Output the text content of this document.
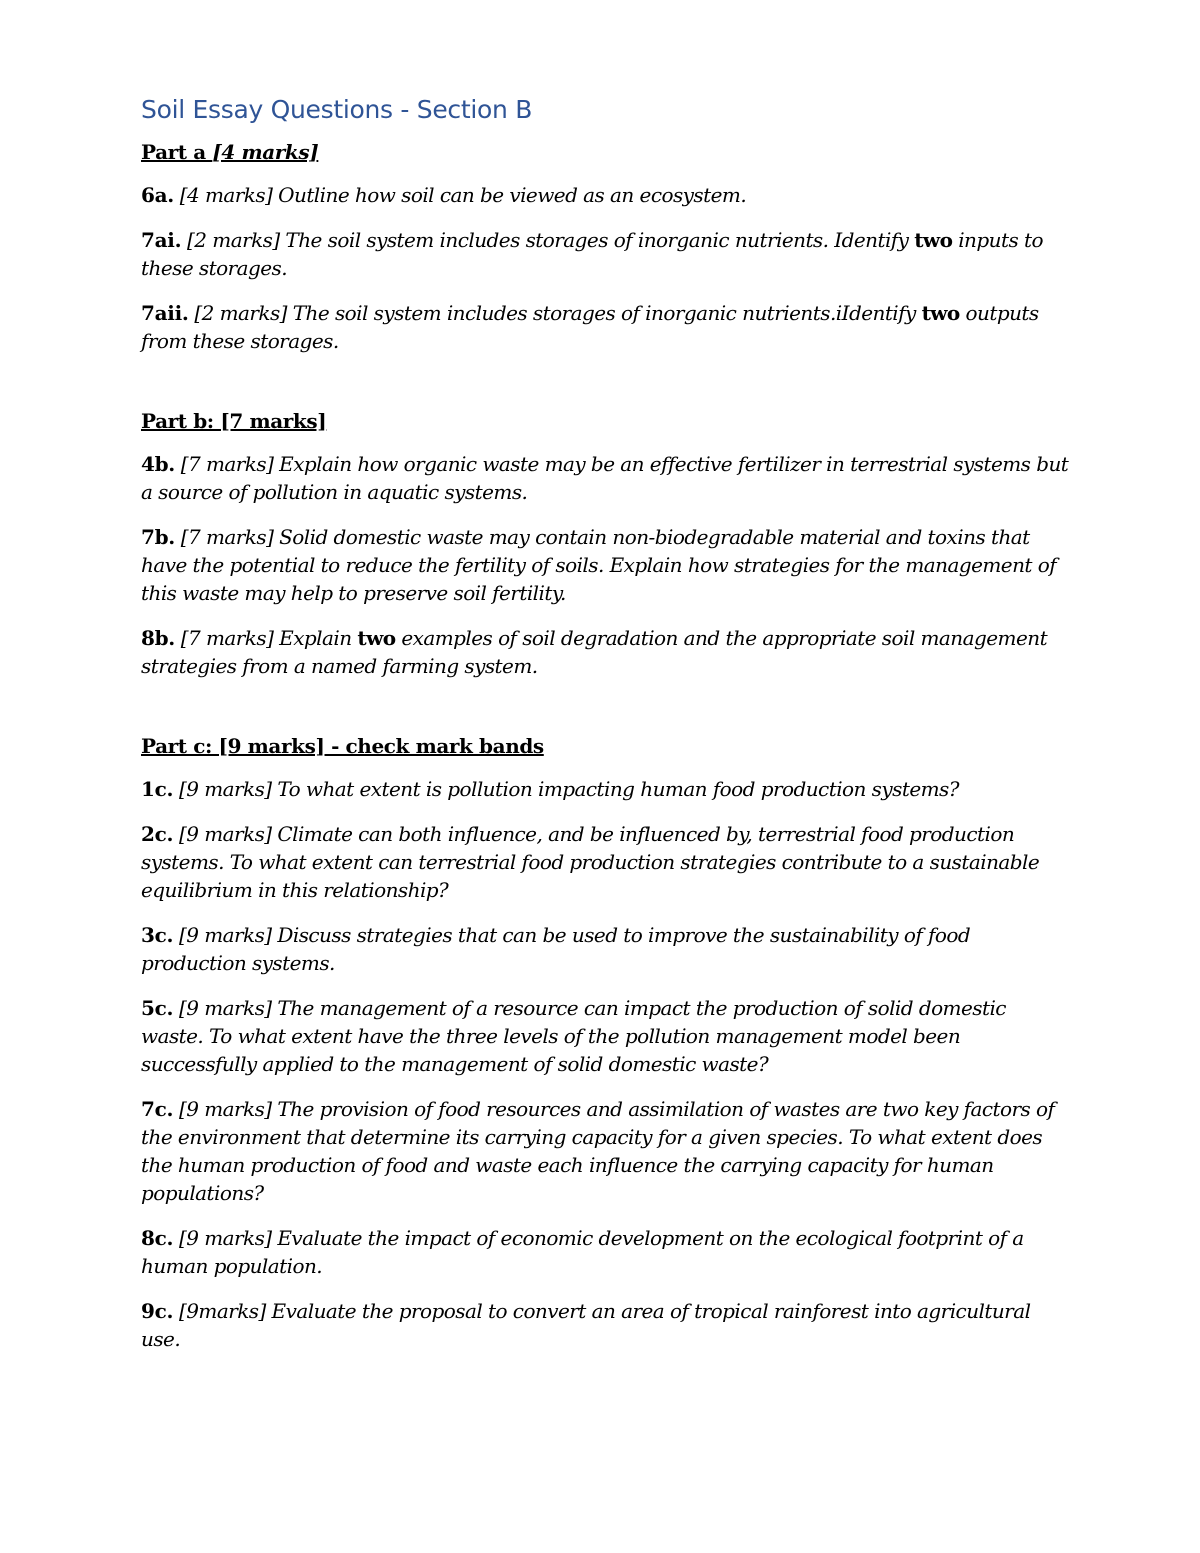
Soil Essay Questions - Section B

Part a [4 marks]

6a. [4 marks] Outline how soil can be viewed as an ecosystem.

7ai. [2 marks] The soil system includes storages of inorganic nutrients. Identify two inputs to these storages.

7aii. [2 marks] The soil system includes storages of inorganic nutrients.iIdentify two outputs from these storages.

Part b: [7 marks]

4b. [7 marks] Explain how organic waste may be an effective fertilizer in terrestrial systems but a source of pollution in aquatic systems.

7b. [7 marks] Solid domestic waste may contain non-biodegradable material and toxins that have the potential to reduce the fertility of soils. Explain how strategies for the management of this waste may help to preserve soil fertility.

8b. [7 marks] Explain two examples of soil degradation and the appropriate soil management strategies from a named farming system.

Part c: [9 marks] - check mark bands

1c. [9 marks] To what extent is pollution impacting human food production systems?

2c. [9 marks] Climate can both influence, and be influenced by, terrestrial food production systems. To what extent can terrestrial food production strategies contribute to a sustainable equilibrium in this relationship?

3c. [9 marks] Discuss strategies that can be used to improve the sustainability of food production systems.

5c. [9 marks] The management of a resource can impact the production of solid domestic waste. To what extent have the three levels of the pollution management model been successfully applied to the management of solid domestic waste?

7c. [9 marks] The provision of food resources and assimilation of wastes are two key factors of the environment that determine its carrying capacity for a given species. To what extent does the human production of food and waste each influence the carrying capacity for human populations?

8c. [9 marks] Evaluate the impact of economic development on the ecological footprint of a human population.

9c. [9marks] Evaluate the proposal to convert an area of tropical rainforest into agricultural use.
